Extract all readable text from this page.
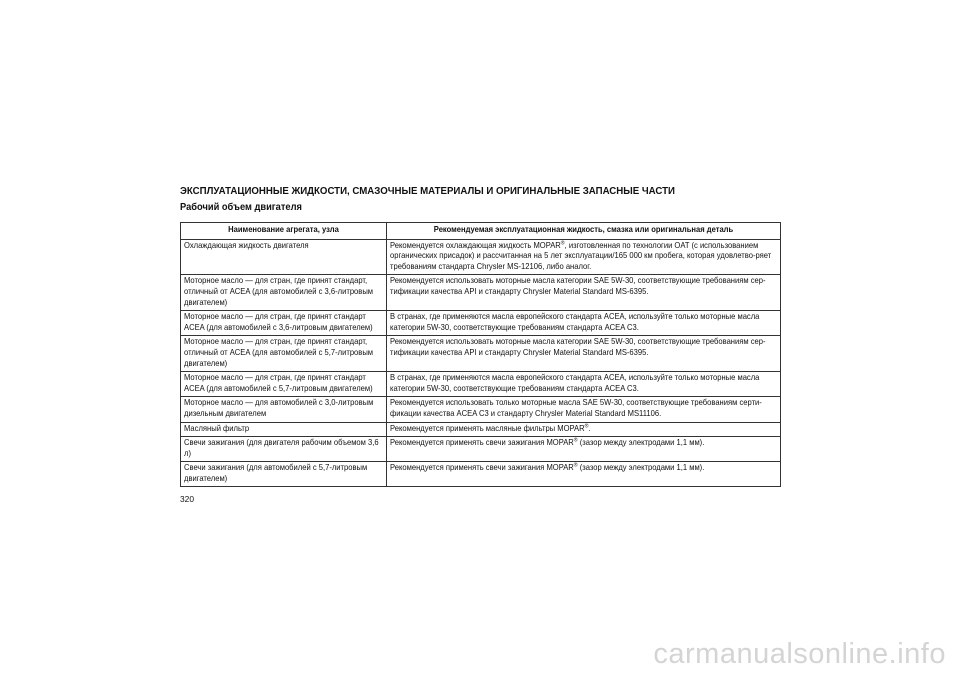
ЭКСПЛУАТАЦИОННЫЕ ЖИДКОСТИ, СМАЗОЧНЫЕ МАТЕРИАЛЫ И ОРИГИНАЛЬНЫЕ ЗАПАСНЫЕ ЧАСТИ
Рабочий объем двигателя
Наименование агрегата, узла	Рекомендуемая эксплуатационная жидкость, смазка или оригинальная деталь

Охлаждающая жидкость двигателя	Рекомендуется охлаждающая жидкость MOPAR®, изготовленная по технологии OAT (с использованием органических присадок) и рассчитанная на 5 лет эксплуатации/165 000 км пробега, которая удовлетво-ряет требованиям стандарта Chrysler MS-12106, либо аналог.

Моторное масло — для стран, где принят стандарт, отличный от ACEA (для автомобилей с 3,6-литровым двигателем)	Рекомендуется использовать моторные масла категории SAE 5W-30, соответствующие требованиям сер-тификации качества API и стандарту Chrysler Material Standard MS-6395.

Моторное масло — для стран, где принят стандарт ACEA (для автомобилей с 3,6-литровым двигателем)	В странах, где применяются масла европейского стандарта ACEA, используйте только моторные масла категории 5W-30, соответствующие требованиям стандарта ACEA C3.

Моторное масло — для стран, где принят стандарт, отличный от ACEA (для автомобилей с 5,7-литровым двигателем)	Рекомендуется использовать моторные масла категории SAE 5W-30, соответствующие требованиям сер-тификации качества API и стандарту Chrysler Material Standard MS-6395.

Моторное масло — для стран, где принят стандарт ACEA (для автомобилей с 5,7-литровым двигателем)	В странах, где применяются масла европейского стандарта ACEA, используйте только моторные масла категории 5W-30, соответствующие требованиям стандарта ACEA C3.

Моторное масло — для автомобилей с 3,0-литровым дизельным двигателем	Рекомендуется использовать только моторные масла SAE 5W-30, соответствующие требованиям серти-фикации качества ACEA C3 и стандарту Chrysler Material Standard MS11106.

Масляный фильтр	Рекомендуется применять масляные фильтры MOPAR®.

Свечи зажигания (для двигателя рабочим объемом 3,6 л)	Рекомендуется применять свечи зажигания MOPAR® (зазор между электродами 1,1 мм).

Свечи зажигания (для автомобилей с 5,7-литровым двигателем)	Рекомендуется применять свечи зажигания MOPAR® (зазор между электродами 1,1 мм).
320
carmanualsonline.info
